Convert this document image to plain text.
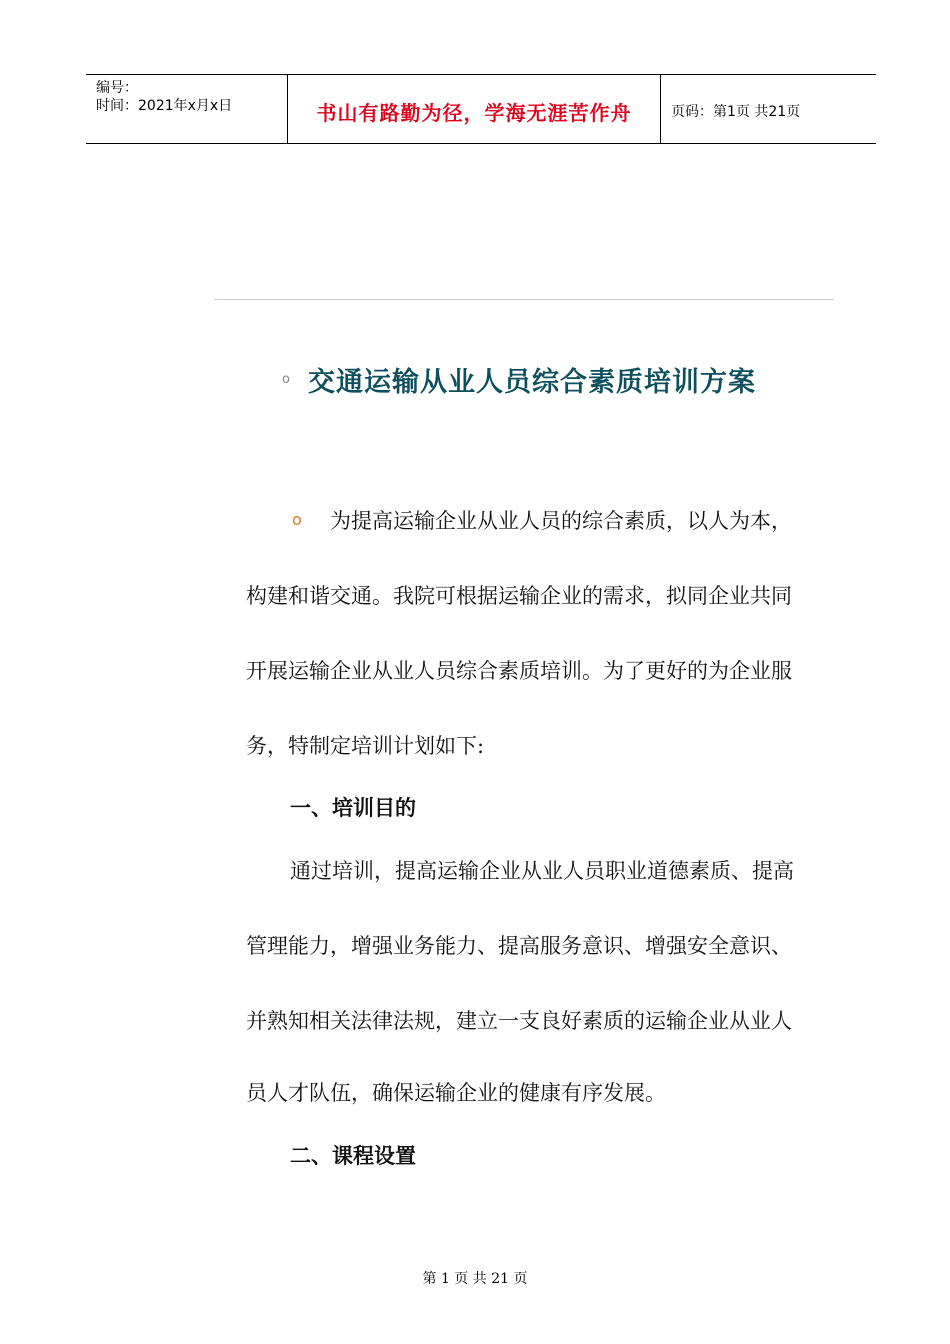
编号：
时间：2021年x月x日	书山有路勤为径，学海无涯苦作舟	页码：第1页 共21页
o 交通运输从业人员综合素质培训方案
o 为提高运输企业从业人员的综合素质，以人为本，
构建和谐交通。我院可根据运输企业的需求，拟同企业共同
开展运输企业从业人员综合素质培训。为了更好的为企业服
务，特制定培训计划如下:
一、培训目的
通过培训，提高运输企业从业人员职业道德素质、提高
管理能力，增强业务能力、提高服务意识、增强安全意识、
并熟知相关法律法规，建立一支良好素质的运输企业从业人
员人才队伍，确保运输企业的健康有序发展。
二、课程设置
第 1 页 共 21 页
